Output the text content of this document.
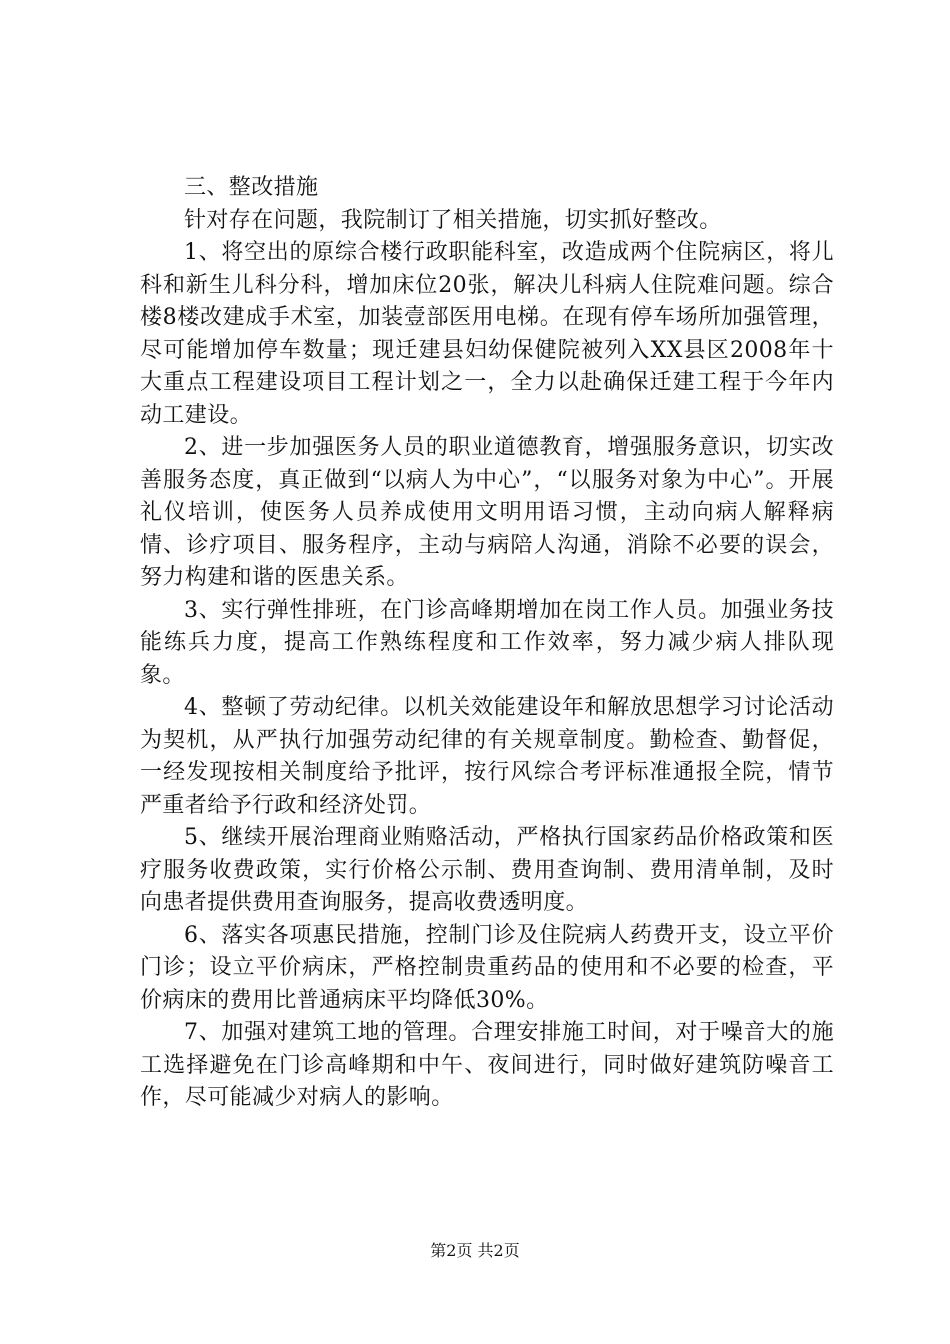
三、整改措施

针对存在问题，我院制订了相关措施，切实抓好整改。

1、将空出的原综合楼行政职能科室，改造成两个住院病区，将儿科和新生儿科分科，增加床位20张，解决儿科病人住院难问题。综合楼8楼改建成手术室，加装壹部医用电梯。在现有停车场所加强管理，尽可能增加停车数量；现迁建县妇幼保健院被列入XX县区2008年十大重点工程建设项目工程计划之一，全力以赴确保迁建工程于今年内动工建设。

2、进一步加强医务人员的职业道德教育，增强服务意识，切实改善服务态度，真正做到“以病人为中心”，“以服务对象为中心”。开展礼仪培训，使医务人员养成使用文明用语习惯，主动向病人解释病情、诊疗项目、服务程序，主动与病陪人沟通，消除不必要的误会，努力构建和谐的医患关系。

3、实行弹性排班，在门诊高峰期增加在岗工作人员。加强业务技能练兵力度，提高工作熟练程度和工作效率，努力减少病人排队现象。

4、整顿了劳动纪律。以机关效能建设年和解放思想学习讨论活动为契机，从严执行加强劳动纪律的有关规章制度。勤检查、勤督促，一经发现按相关制度给予批评，按行风综合考评标准通报全院，情节严重者给予行政和经济处罚。

5、继续开展治理商业贿赂活动，严格执行国家药品价格政策和医疗服务收费政策，实行价格公示制、费用查询制、费用清单制，及时向患者提供费用查询服务，提高收费透明度。

6、落实各项惠民措施，控制门诊及住院病人药费开支，设立平价门诊；设立平价病床，严格控制贵重药品的使用和不必要的检查，平价病床的费用比普通病床平均降低30%。

7、加强对建筑工地的管理。合理安排施工时间，对于噪音大的施工选择避免在门诊高峰期和中午、夜间进行，同时做好建筑防噪音工作，尽可能减少对病人的影响。

第2页 共2页
